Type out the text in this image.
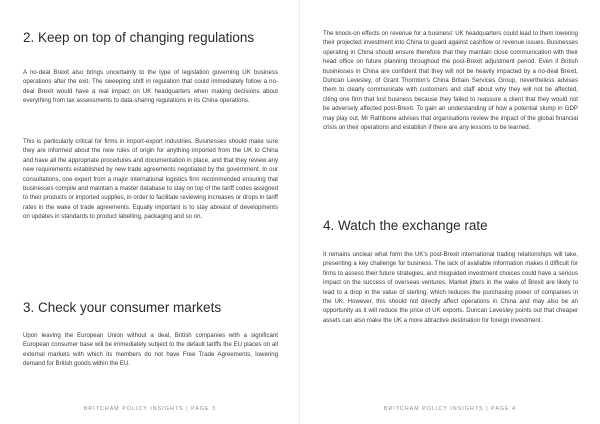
2. Keep on top of changing regulations

A no-deal Brexit also brings uncertainty to the type of legislation governing UK business operations after the exit. The sweeping shift in regulation that could immediately follow a no-deal Brexit would have a real impact on UK headquarters when making decisions about everything from tax assessments to data-sharing regulations in its China operations.

This is particularly critical for firms in import-export industries. Businesses should make sure they are informed about the new rules of origin for anything imported from the UK to China and have all the appropriate procedures and documentation in place, and that they review any new requirements established by new trade agreements negotiated by the government. In our consultations, one expert from a major international logistics firm recommended ensuring that businesses compile and maintain a master database to stay on top of the tariff codes assigned to their products or imported supplies, in order to facilitate reviewing increases or drops in tariff rates in the wake of trade agreements. Equally important is to stay abreast of developments on updates in standards to product labelling, packaging and so on.

3. Check your consumer markets

Upon leaving the European Union without a deal, British companies with a significant European consumer base will be immediately subject to the default tariffs the EU places on all external markets with which its members do not have Free Trade Agreements, lowering demand for British goods within the EU.

BRITCHAM POLICY INSIGHTS | PAGE 3

The knock-on effects on revenue for a business' UK headquarters could lead to them lowering their projected investment into China to guard against cashflow or revenue issues. Businesses operating in China should ensure therefore that they maintain close communication with their head office on future planning throughout the post-Brexit adjustment period. Even if British businesses in China are confident that they will not be heavily impacted by a no-deal Brexit, Duncan Levesley, of Grant Thornton's China Britain Services Group, nevertheless advises them to clearly communicate with customers and staff about why they will not be affected, citing one firm that lost business because they failed to reassure a client that they would not be adversely affected post-Brexit. To gain an understanding of how a potential slump in GDP may play out, Mr Rathbone advises that organisations review the impact of the global financial crisis on their operations and establish if there are any lessons to be learned.

4. Watch the exchange rate

It remains unclear what form the UK's post-Brexit international trading relationships will take, presenting a key challenge for business. The lack of available information makes it difficult for firms to assess their future strategies, and misguided investment choices could have a serious impact on the success of overseas ventures. Market jitters in the wake of Brexit are likely to lead to a drop in the value of sterling, which reduces the purchasing power of companies in the UK. However, this should not directly affect operations in China and may also be an opportunity as it will reduce the price of UK exports. Duncan Levesley points out that cheaper assets can also make the UK a more attractive destination for foreign investment.

BRITCHAM POLICY INSIGHTS | PAGE 4
